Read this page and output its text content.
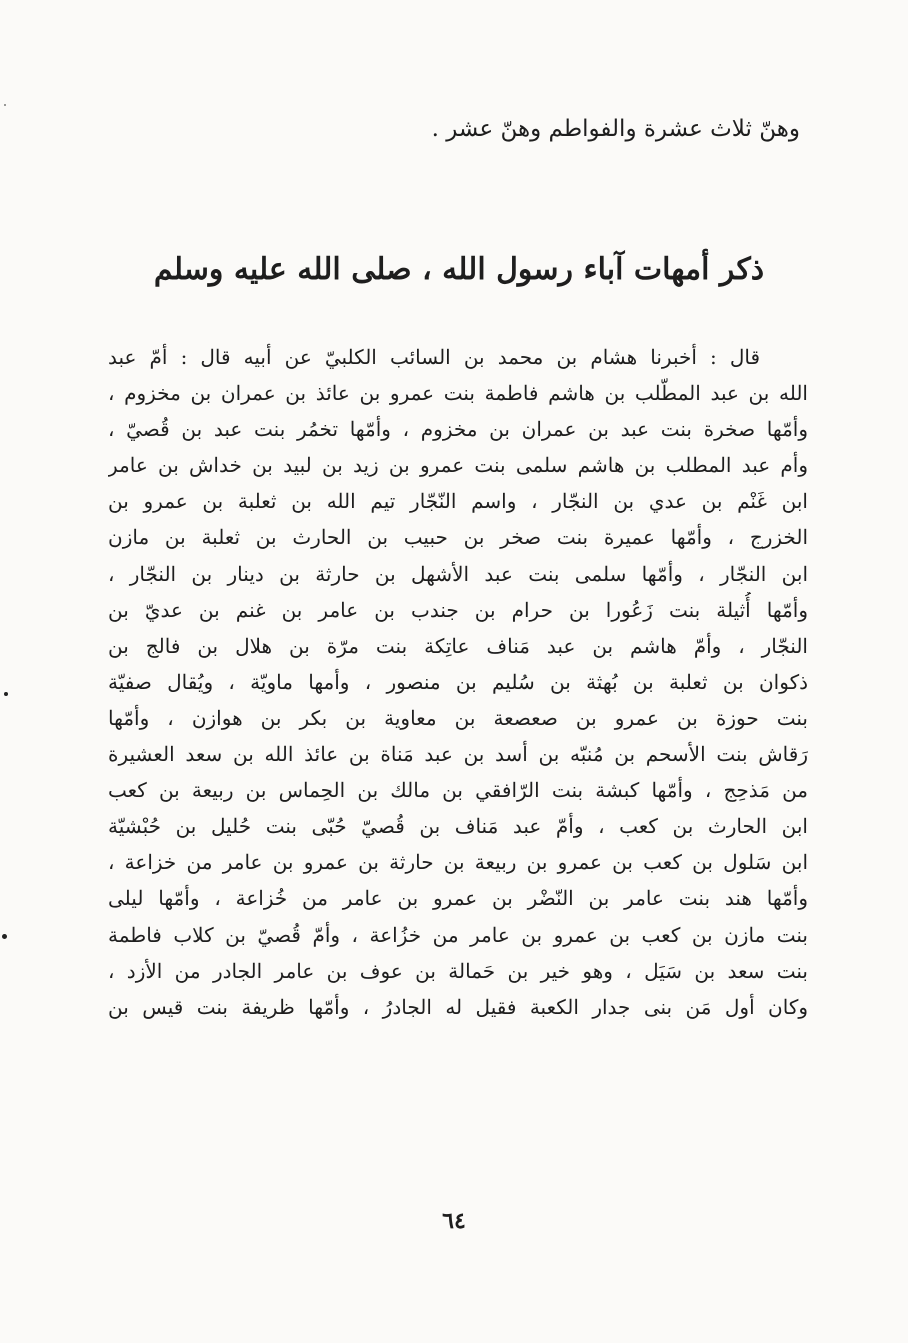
وهنّ ثلاث عشرة والفواطم وهنّ عشر .
ذكر أمهات آباء رسول الله ، صلى الله عليه وسلم
قال : أخبرنا هشام بن محمد بن السائب الكلبيّ عن أبيه قال : أمّ عبد
الله بن عبد المطّلب بن هاشم فاطمة بنت عمرو بن عائذ بن عمران بن مخزوم ،
وأمّها صخرة بنت عبد بن عمران بن مخزوم ، وأمّها تخمُر بنت عبد بن قُصيّ ،
وأم عبد المطلب بن هاشم سلمى بنت عمرو بن زيد بن لبيد بن خداش بن عامر
ابن غَنْم بن عدي بن النجّار ، واسم النّجّار تيم الله بن ثعلبة بن عمرو بن
الخزرج ، وأمّها عميرة بنت صخر بن حبيب بن الحارث بن ثعلبة بن مازن
ابن النجّار ، وأمّها سلمى بنت عبد الأشهل بن حارثة بن دينار بن النجّار ،
وأمّها أُثيلة بنت زَعُورا بن حرام بن جندب بن عامر بن غنم بن عديّ بن
النجّار ، وأمّ هاشم بن عبد مَناف عاتِكة بنت مرّة بن هلال بن فالج بن
ذكوان بن ثعلبة بن بُهثة بن سُليم بن منصور ، وأمها ماويّة ، ويُقال صفيّة
بنت حوزة بن عمرو بن صعصعة بن معاوية بن بكر بن هوازن ، وأمّها
رَقاش بنت الأسحم بن مُنبّه بن أسد بن عبد مَناة بن عائذ الله بن سعد العشيرة
من مَذحِج ، وأمّها كبشة بنت الرّافقي بن مالك بن الحِماس بن ربيعة بن كعب
ابن الحارث بن كعب ، وأمّ عبد مَناف بن قُصيّ حُبّى بنت حُليل بن حُبْشيّة
ابن سَلول بن كعب بن عمرو بن ربيعة بن حارثة بن عمرو بن عامر من خزاعة ،
وأمّها هند بنت عامر بن النّضْر بن عمرو بن عامر من خُزاعة ، وأمّها ليلى
بنت مازن بن كعب بن عمرو بن عامر من خزُاعة ، وأمّ قُصيّ بن كلاب فاطمة
بنت سعد بن سَيَل ، وهو خير بن حَمالة بن عوف بن عامر الجادر من الأزد ،
وكان أول مَن بنى جدار الكعبة فقيل له الجادرُ ، وأمّها ظريفة بنت قيس بن
٦٤
